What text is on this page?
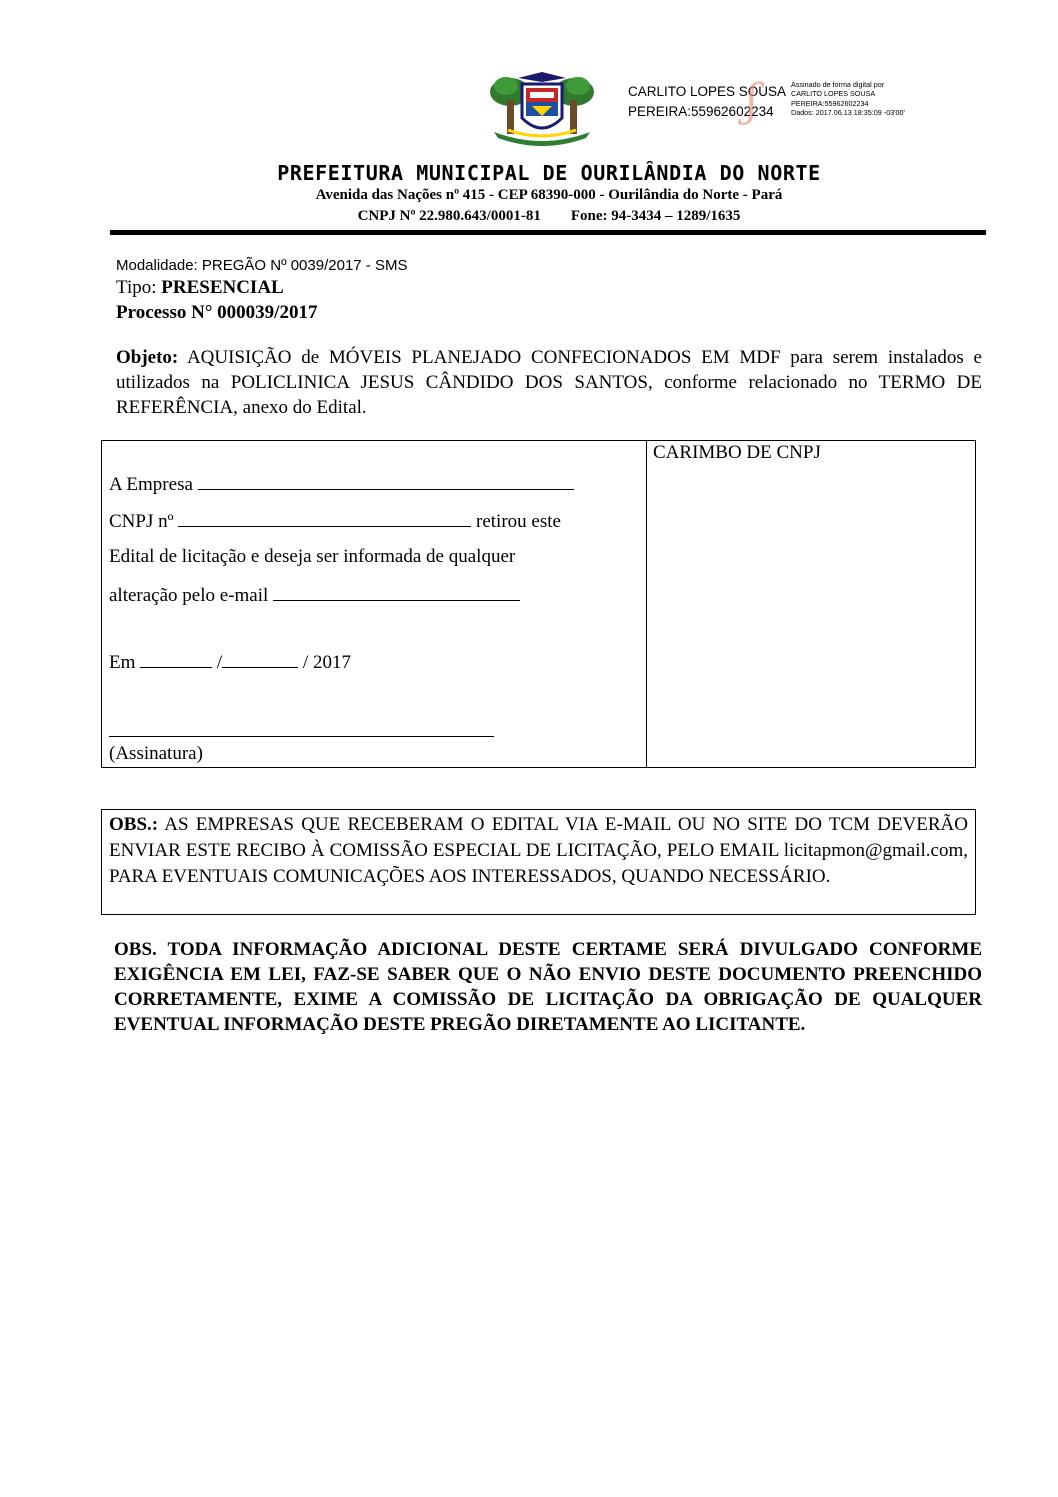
CARLITO LOPES SOUSA
PEREIRA:55962602234
ʃ	Assinado de forma digital por
CARLITO LOPES SOUSA
PEREIRA:55962602234
Dados: 2017.06.13 18:35:09 -03'00'
PREFEITURA MUNICIPAL DE OURILÂNDIA DO NORTE
Avenida das Nações nº 415 - CEP 68390-000 - Ourilândia do Norte - Pará
CNPJ Nº 22.980.643/0001-81        Fone: 94-3434 – 1289/1635
Modalidade: PREGÃO Nº 0039/2017 - SMS
Tipo: PRESENCIAL
Processo N° 000039/2017
Objeto: AQUISIÇÃO de MÓVEIS PLANEJADO CONFECIONADOS EM MDF para serem instalados e utilizados na POLICLINICA JESUS CÂNDIDO DOS SANTOS, conforme relacionado no TERMO DE REFERÊNCIA, anexo do Edital.
A Empresa
CNPJ nº	retirou este
Edital de licitação e deseja ser informada de qualquer
alteração pelo e-mail
Em	/	/ 2017
(Assinatura)
CARIMBO DE CNPJ
OBS.: AS EMPRESAS QUE RECEBERAM O EDITAL VIA E-MAIL OU NO SITE DO TCM DEVERÃO ENVIAR ESTE RECIBO À COMISSÃO ESPECIAL DE LICITAÇÃO, PELO EMAIL licitapmon@gmail.com, PARA EVENTUAIS COMUNICAÇÕES AOS INTERESSADOS, QUANDO NECESSÁRIO.
OBS. TODA INFORMAÇÃO ADICIONAL DESTE CERTAME SERÁ DIVULGADO CONFORME EXIGÊNCIA EM LEI, FAZ-SE SABER QUE O NÃO ENVIO DESTE DOCUMENTO PREENCHIDO CORRETAMENTE, EXIME A COMISSÃO DE LICITAÇÃO DA OBRIGAÇÃO DE QUALQUER EVENTUAL INFORMAÇÃO DESTE PREGÃO DIRETAMENTE AO LICITANTE.
